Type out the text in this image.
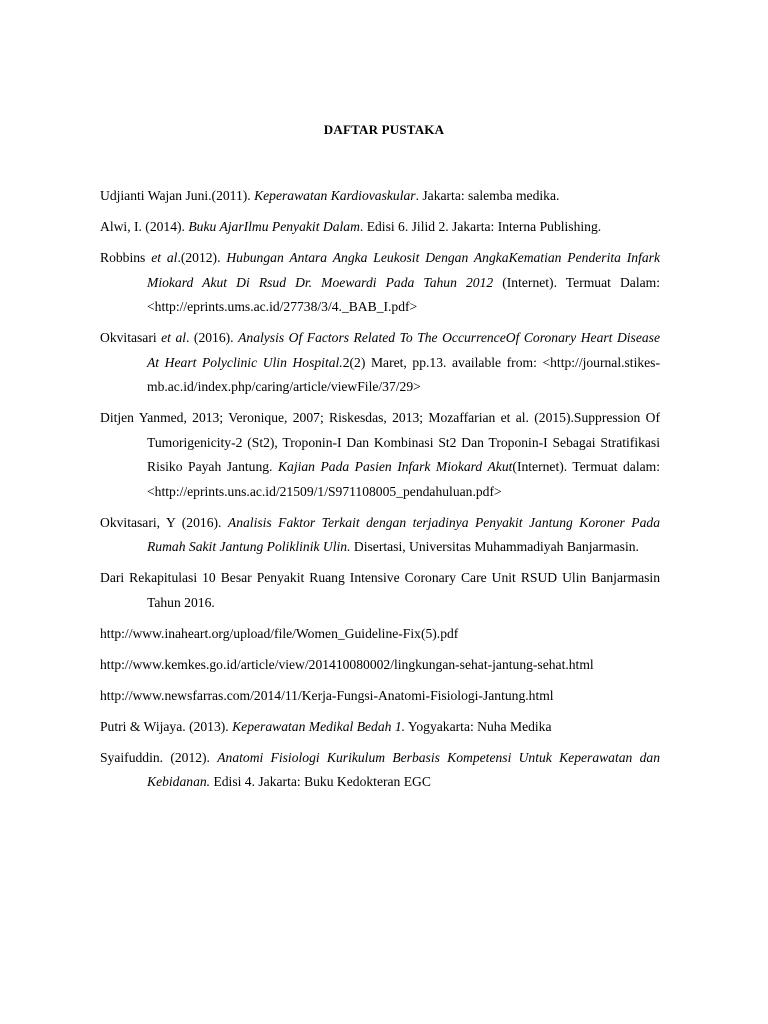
DAFTAR PUSTAKA
Udjianti Wajan Juni.(2011). Keperawatan Kardiovaskular. Jakarta: salemba medika.
Alwi, I. (2014). Buku AjarIlmu Penyakit Dalam. Edisi 6. Jilid 2. Jakarta: Interna Publishing.
Robbins et al.(2012). Hubungan Antara Angka Leukosit Dengan AngkaKematian Penderita Infark Miokard Akut Di Rsud Dr. Moewardi Pada Tahun 2012 (Internet). Termuat Dalam:<http://eprints.ums.ac.id/27738/3/4._BAB_I.pdf>
Okvitasari et al. (2016). Analysis Of Factors Related To The OccurrenceOf Coronary Heart Disease At Heart Polyclinic Ulin Hospital.2(2) Maret, pp.13. available from: <http://journal.stikes-mb.ac.id/index.php/caring/article/viewFile/37/29>
Ditjen Yanmed, 2013; Veronique, 2007; Riskesdas, 2013; Mozaffarian et al. (2015).Suppression Of Tumorigenicity-2 (St2), Troponin-I Dan Kombinasi St2 Dan Troponin-I Sebagai Stratifikasi Risiko Payah Jantung. Kajian Pada Pasien Infark Miokard Akut(Internet). Termuat dalam: <http://eprints.uns.ac.id/21509/1/S971108005_pendahuluan.pdf>
Okvitasari, Y (2016). Analisis Faktor Terkait dengan terjadinya Penyakit Jantung Koroner Pada Rumah Sakit Jantung Poliklinik Ulin. Disertasi, Universitas Muhammadiyah Banjarmasin.
Dari Rekapitulasi 10 Besar Penyakit Ruang Intensive Coronary Care Unit RSUD Ulin Banjarmasin Tahun 2016.
http://www.inaheart.org/upload/file/Women_Guideline-Fix(5).pdf
http://www.kemkes.go.id/article/view/201410080002/lingkungan-sehat-jantung-sehat.html
http://www.newsfarras.com/2014/11/Kerja-Fungsi-Anatomi-Fisiologi-Jantung.html
Putri & Wijaya. (2013). Keperawatan Medikal Bedah 1. Yogyakarta: Nuha Medika
Syaifuddin. (2012). Anatomi Fisiologi Kurikulum Berbasis Kompetensi Untuk Keperawatan dan Kebidanan. Edisi 4. Jakarta: Buku Kedokteran EGC
